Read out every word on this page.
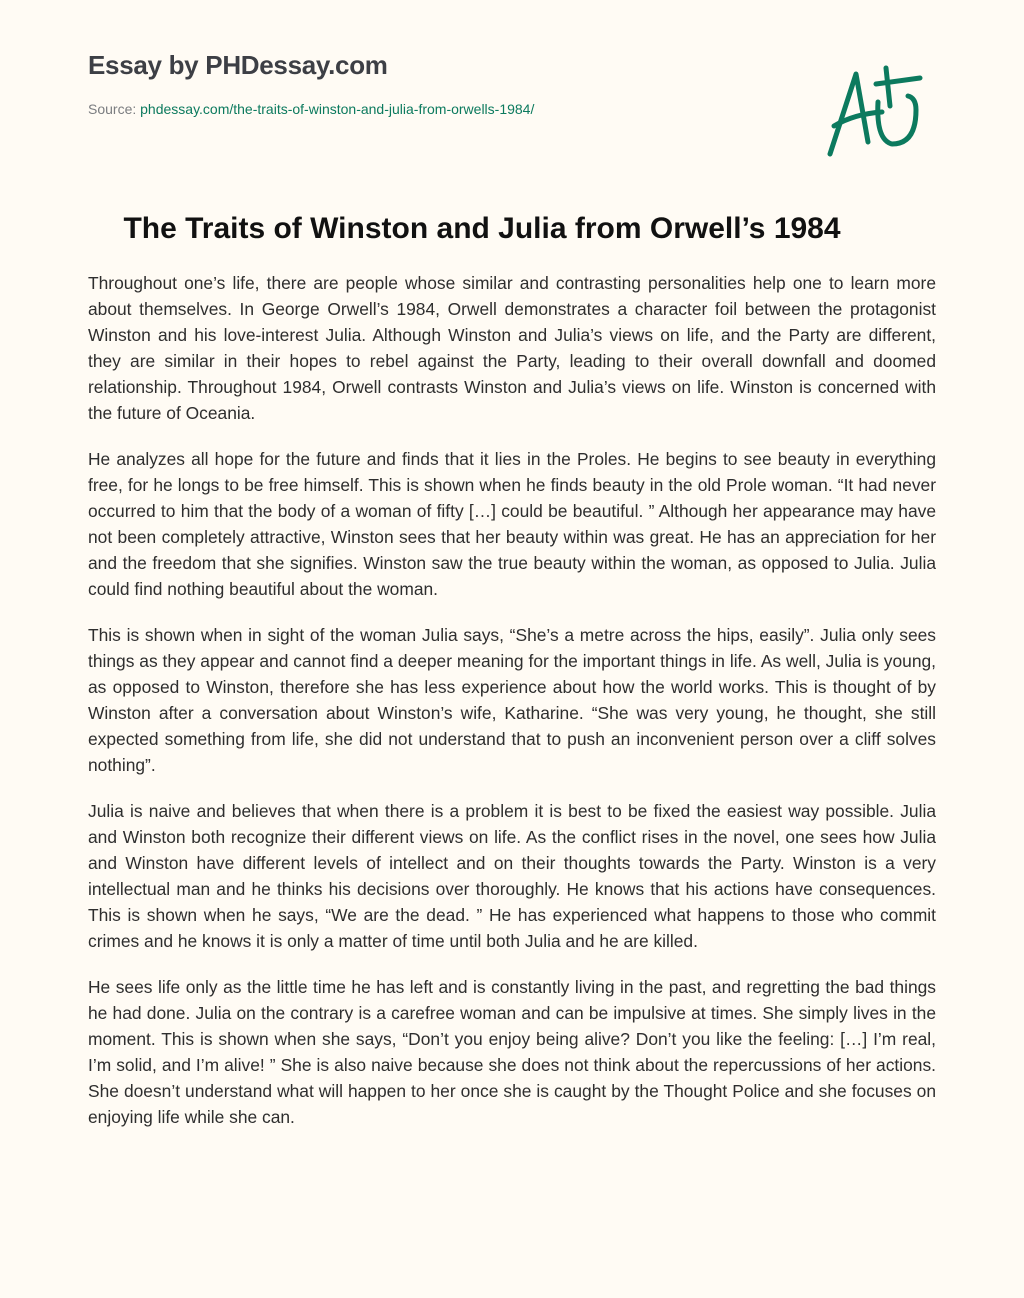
Essay by PHDessay.com
Source: phdessay.com/the-traits-of-winston-and-julia-from-orwells-1984/
The Traits of Winston and Julia from Orwell’s 1984

Throughout one’s life, there are people whose similar and contrasting personalities help one to learn more about themselves. In George Orwell’s 1984, Orwell demonstrates a character foil between the protagonist Winston and his love-interest Julia. Although Winston and Julia’s views on life, and the Party are different, they are similar in their hopes to rebel against the Party, leading to their overall downfall and doomed relationship. Throughout 1984, Orwell contrasts Winston and Julia’s views on life. Winston is concerned with the future of Oceania.

He analyzes all hope for the future and finds that it lies in the Proles. He begins to see beauty in everything free, for he longs to be free himself. This is shown when he finds beauty in the old Prole woman. “It had never occurred to him that the body of a woman of fifty […] could be beautiful. ” Although her appearance may have not been completely attractive, Winston sees that her beauty within was great. He has an appreciation for her and the freedom that she signifies. Winston saw the true beauty within the woman, as opposed to Julia. Julia could find nothing beautiful about the woman.

This is shown when in sight of the woman Julia says, “She’s a metre across the hips, easily”. Julia only sees things as they appear and cannot find a deeper meaning for the important things in life. As well, Julia is young, as opposed to Winston, therefore she has less experience about how the world works. This is thought of by Winston after a conversation about Winston’s wife, Katharine. “She was very young, he thought, she still expected something from life, she did not understand that to push an inconvenient person over a cliff solves nothing”.

Julia is naive and believes that when there is a problem it is best to be fixed the easiest way possible. Julia and Winston both recognize their different views on life. As the conflict rises in the novel, one sees how Julia and Winston have different levels of intellect and on their thoughts towards the Party. Winston is a very intellectual man and he thinks his decisions over thoroughly. He knows that his actions have consequences. This is shown when he says, “We are the dead. ” He has experienced what happens to those who commit crimes and he knows it is only a matter of time until both Julia and he are killed.

He sees life only as the little time he has left and is constantly living in the past, and regretting the bad things he had done. Julia on the contrary is a carefree woman and can be impulsive at times. She simply lives in the moment. This is shown when she says, “Don’t you enjoy being alive? Don’t you like the feeling: […] I’m real, I’m solid, and I’m alive! ” She is also naive because she does not think about the repercussions of her actions. She doesn’t understand what will happen to her once she is caught by the Thought Police and she focuses on enjoying life while she can.
